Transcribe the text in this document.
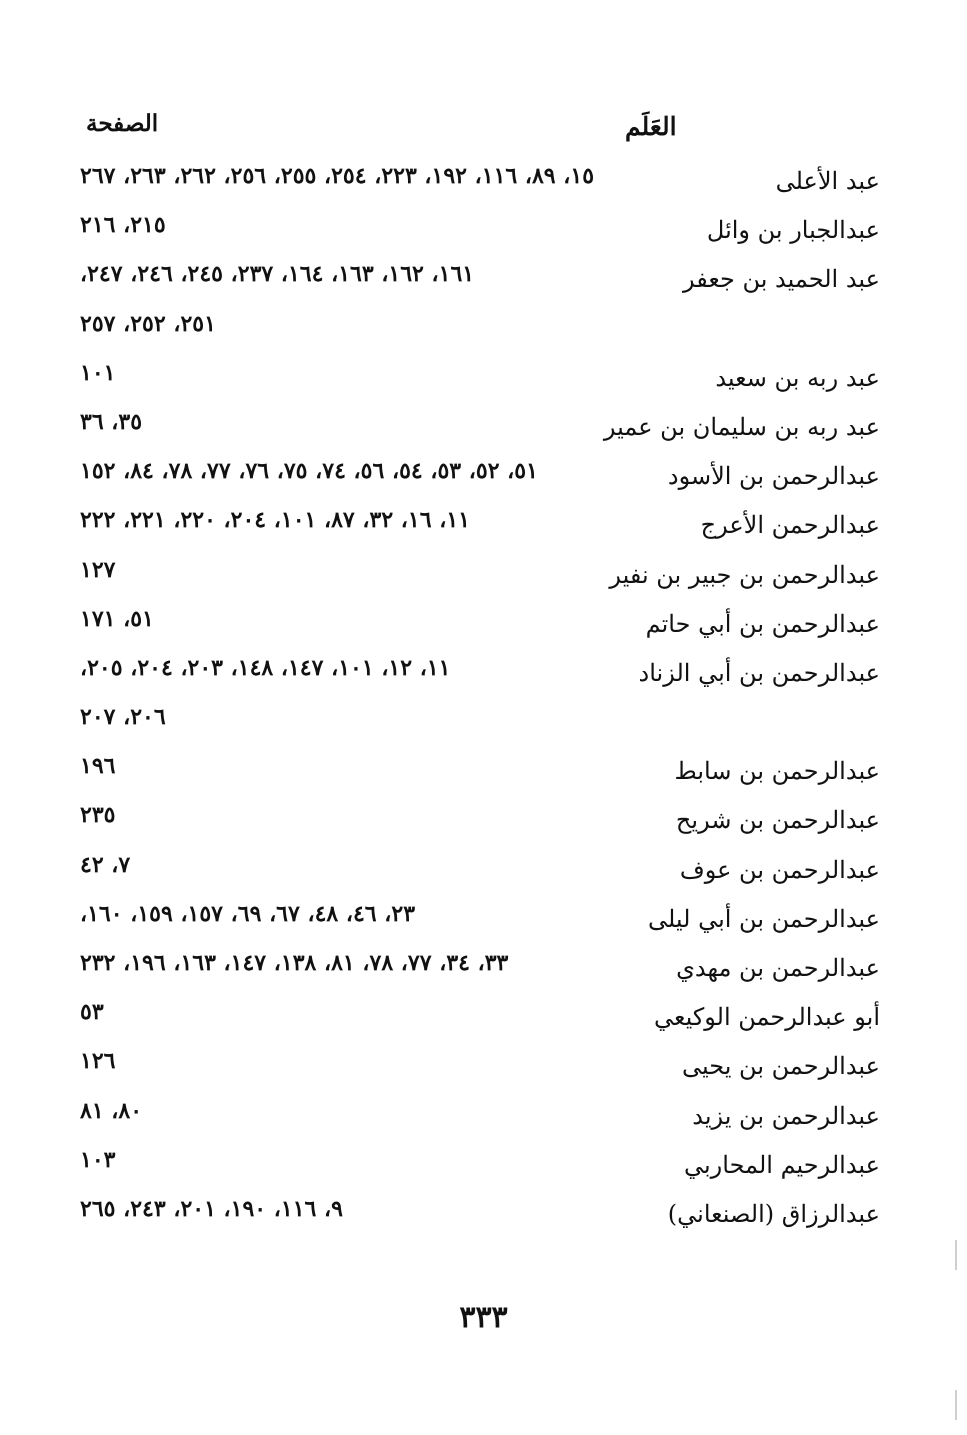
العَلَم
الصفحة
عبد الأعلى
١٥، ٨٩، ١١٦، ١٩٢، ٢٢٣، ٢٥٤، ٢٥٥، ٢٥٦، ٢٦٢، ٢٦٣، ٢٦٧
عبدالجبار بن وائل
٢١٥، ٢١٦
عبد الحميد بن جعفر
١٦١، ١٦٢، ١٦٣، ١٦٤، ٢٣٧، ٢٤٥، ٢٤٦، ٢٤٧،
٢٥١، ٢٥٢، ٢٥٧
عبد ربه بن سعيد
١٠١
عبد ربه بن سليمان بن عمير
٣٥، ٣٦
عبدالرحمن بن الأسود
٥١، ٥٢، ٥٣، ٥٤، ٥٦، ٧٤، ٧٥، ٧٦، ٧٧، ٧٨، ٨٤، ١٥٢
عبدالرحمن الأعرج
١١، ١٦، ٣٢، ٨٧، ١٠١، ٢٠٤، ٢٢٠، ٢٢١، ٢٢٢
عبدالرحمن بن جبير بن نفير
١٢٧
عبدالرحمن بن أبي حاتم
٥١، ١٧١
عبدالرحمن بن أبي الزناد
١١، ١٢، ١٠١، ١٤٧، ١٤٨، ٢٠٣، ٢٠٤، ٢٠٥،
٢٠٦، ٢٠٧
عبدالرحمن بن سابط
١٩٦
عبدالرحمن بن شريح
٢٣٥
عبدالرحمن بن عوف
٧، ٤٢
عبدالرحمن بن أبي ليلى
٢٣، ٤٦، ٤٨، ٦٧، ٦٩، ١٥٧، ١٥٩، ١٦٠،
عبدالرحمن بن مهدي
٣٣، ٣٤، ٧٧، ٧٨، ٨١، ١٣٨، ١٤٧، ١٦٣، ١٩٦، ٢٣٢
أبو عبدالرحمن الوكيعي
٥٣
عبدالرحمن بن يحيى
١٢٦
عبدالرحمن بن يزيد
٨٠، ٨١
عبدالرحيم المحاربي
١٠٣
عبدالرزاق (الصنعاني)
٩، ١١٦، ١٩٠، ٢٠١، ٢٤٣، ٢٦٥
٣٣٣
